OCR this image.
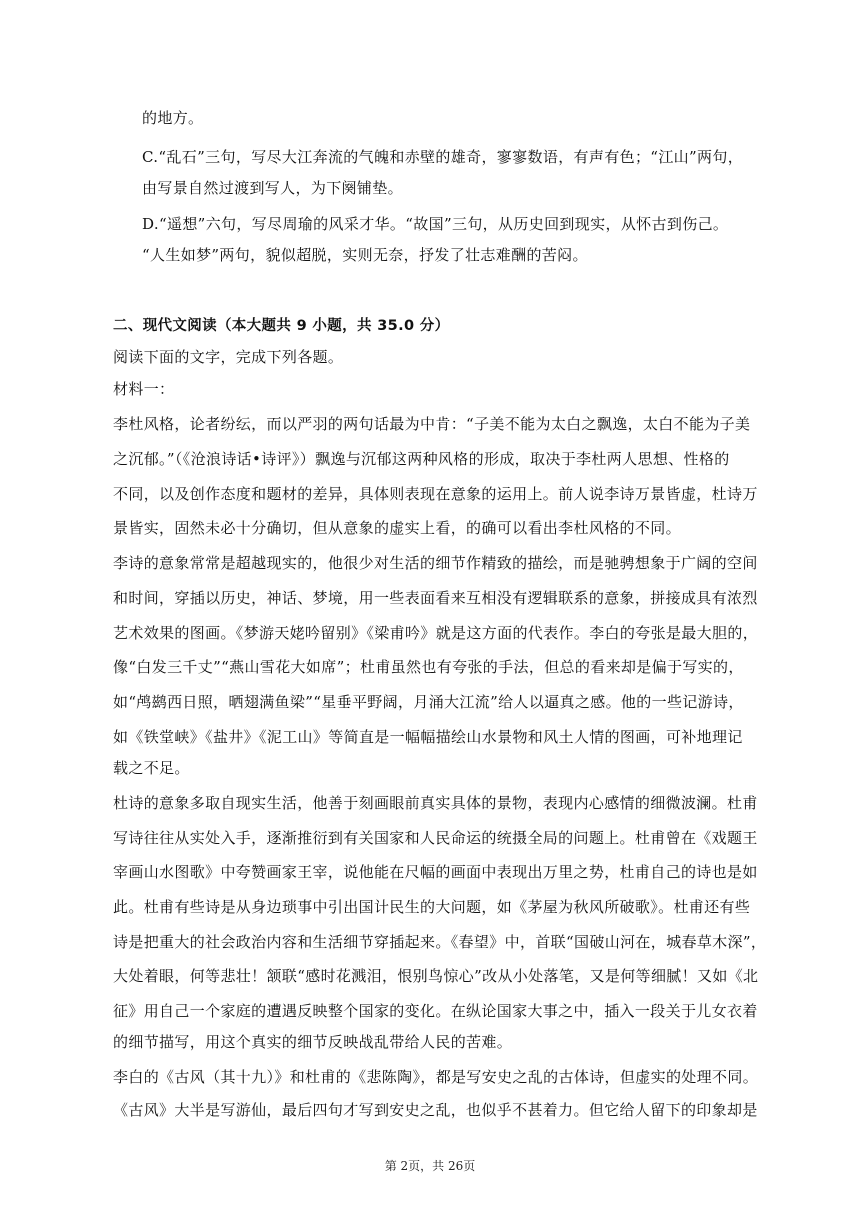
的地方。
C.“乱石”三句，写尽大江奔流的气魄和赤壁的雄奇，寥寥数语，有声有色；“江山”两句，
由写景自然过渡到写人，为下阕铺垫。
D.“遥想”六句，写尽周瑜的风采才华。“故国”三句，从历史回到现实，从怀古到伤己。
“人生如梦”两句，貌似超脱，实则无奈，抒发了壮志难酬的苦闷。
二、现代文阅读（本大题共 9 小题，共 35.0 分）
阅读下面的文字，完成下列各题。
材料一：
李杜风格，论者纷纭，而以严羽的两句话最为中肯：“子美不能为太白之飘逸，太白不能为子美
之沉郁。”（《沧浪诗话•诗评》）飘逸与沉郁这两种风格的形成，取决于李杜两人思想、性格的
不同，以及创作态度和题材的差异，具体则表现在意象的运用上。前人说李诗万景皆虚，杜诗万
景皆实，固然未必十分确切，但从意象的虚实上看，的确可以看出李杜风格的不同。
李诗的意象常常是超越现实的，他很少对生活的细节作精致的描绘，而是驰骋想象于广阔的空间
和时间，穿插以历史，神话、梦境，用一些表面看来互相没有逻辑联系的意象，拼接成具有浓烈
艺术效果的图画。《梦游天姥吟留别》《梁甫吟》就是这方面的代表作。李白的夸张是最大胆的，
像“白发三千丈”“燕山雪花大如席”；杜甫虽然也有夸张的手法，但总的看来却是偏于写实的，
如“鸬鹚西日照，晒翅满鱼梁”“星垂平野阔，月涌大江流”给人以逼真之感。他的一些记游诗，
如《铁堂峡》《盐井》《泥工山》等简直是一幅幅描绘山水景物和风土人情的图画，可补地理记
载之不足。
杜诗的意象多取自现实生活，他善于刻画眼前真实具体的景物，表现内心感情的细微波澜。杜甫
写诗往往从实处入手，逐渐推衍到有关国家和人民命运的统摄全局的问题上。杜甫曾在《戏题王
宰画山水图歌》中夸赞画家王宰，说他能在尺幅的画面中表现出万里之势，杜甫自己的诗也是如
此。杜甫有些诗是从身边琐事中引出国计民生的大问题，如《茅屋为秋风所破歌》。杜甫还有些
诗是把重大的社会政治内容和生活细节穿插起来。《春望》中，首联“国破山河在，城春草木深”，
大处着眼，何等悲壮！颔联“感时花溅泪，恨别鸟惊心”改从小处落笔，又是何等细腻！又如《北
征》用自己一个家庭的遭遇反映整个国家的变化。在纵论国家大事之中，插入一段关于儿女衣着
的细节描写，用这个真实的细节反映战乱带给人民的苦难。
李白的《古风（其十九）》和杜甫的《悲陈陶》，都是写安史之乱的古体诗，但虚实的处理不同。
《古风》大半是写游仙，最后四句才写到安史之乱，也似乎不甚着力。但它给人留下的印象却是
第 2页，共 26页
